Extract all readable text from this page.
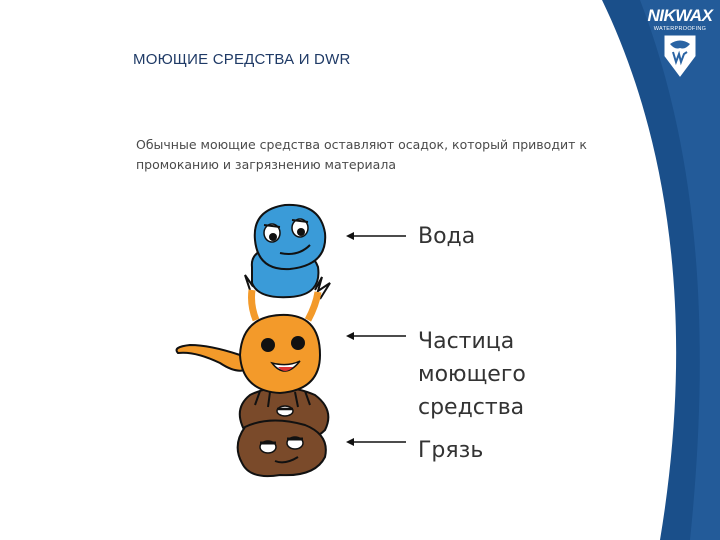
NIKWAX
WATERPROOFING
МОЮЩИЕ СРЕДСТВА И DWR
Обычные моющие средства оставляют осадок, который приводит к промоканию и загрязнению материала
Вода
Частица моющего средства
Грязь
